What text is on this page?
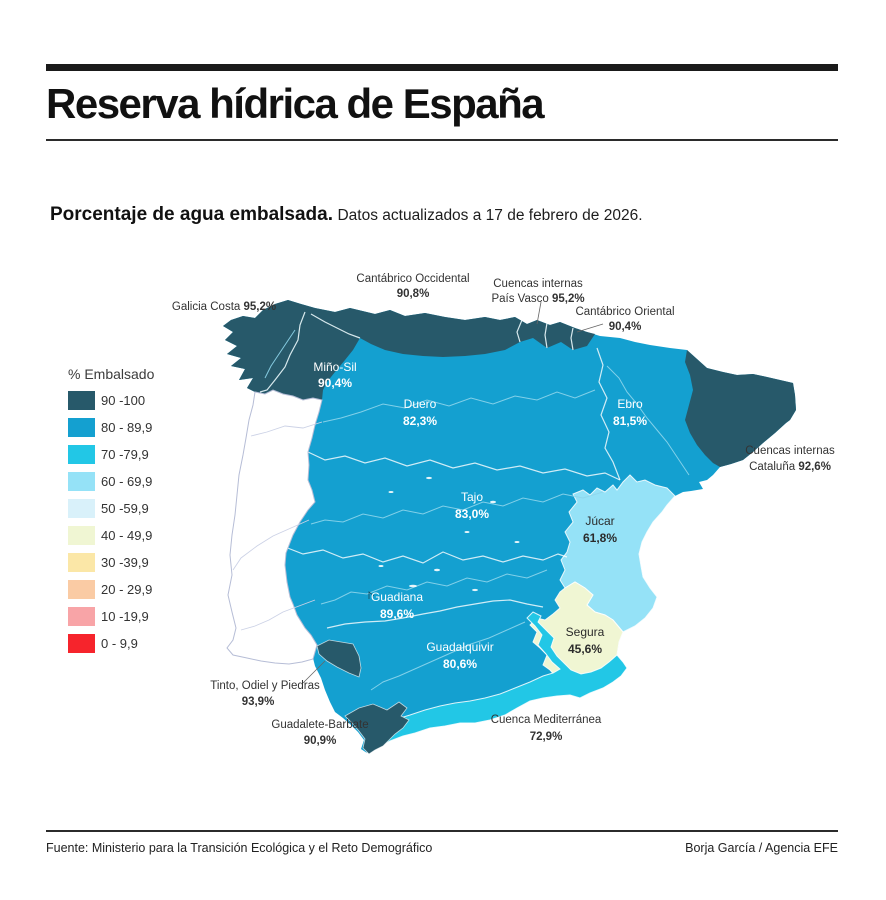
Reserva hídrica de España
Porcentaje de agua embalsada. Datos actualizados a 17 de febrero de 2026.

% Embalsado

90 -100
80 - 89,9
70 -79,9
60 - 69,9
50 -59,9
40 - 49,9
30 -39,9
20 - 29,9
10 -19,9
0 - 9,9
Galicia Costa 95,2%
Cantábrico Occidental
90,8%
Cuencas internas
País Vasco 95,2%
Cantábrico Oriental
90,4%
Miño-Sil
90,4%
Duero
82,3%
Ebro
81,5%
Cuencas internas
Cataluña 92,6%
Tajo
83,0%	Júcar
61,8%
Guadiana
89,6%
Guadalquivir
80,6%
Segura
45,6%
Tinto, Odiel y Piedras
93,9%
Guadalete-Barbate
90,9%
Cuenca Mediterránea
72,9%
Fuente: Ministerio para la Transición Ecológica y el Reto Demográfico	Borja García / Agencia EFE
